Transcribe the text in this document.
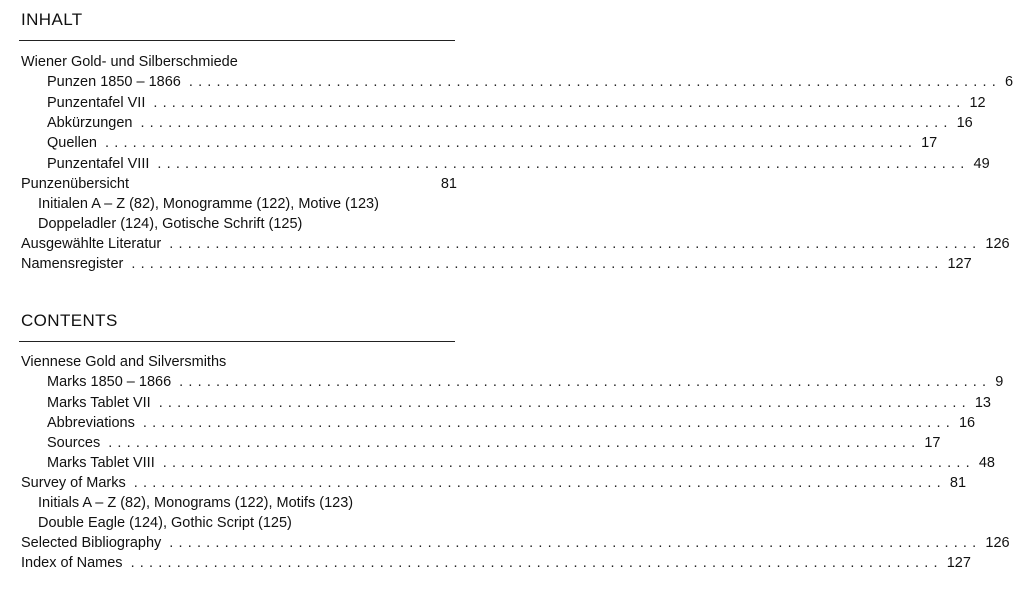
INHALT
Wiener Gold- und Silberschmiede
Punzen 1850 – 1866 ........................................................................................ 6
Punzentafel VII ........................................................................................ 12
Abkürzungen ........................................................................................ 16
Quellen ........................................................................................ 17
Punzentafel VIII ........................................................................................ 49
Punzenübersicht	81
Initialen A – Z (82), Monogramme (122), Motive (123)
Doppeladler (124), Gotische Schrift (125)
Ausgewählte Literatur ........................................................................................ 126
Namensregister ........................................................................................ 127
CONTENTS
Viennese Gold and Silversmiths
Marks 1850 – 1866 ........................................................................................ 9
Marks Tablet VII ........................................................................................ 13
Abbreviations ........................................................................................ 16
Sources ........................................................................................ 17
Marks Tablet VIII ........................................................................................ 48
Survey of Marks ........................................................................................ 81
Initials A – Z (82), Monograms (122), Motifs (123)
Double Eagle (124), Gothic Script (125)
Selected Bibliography ........................................................................................ 126
Index of Names ........................................................................................ 127
